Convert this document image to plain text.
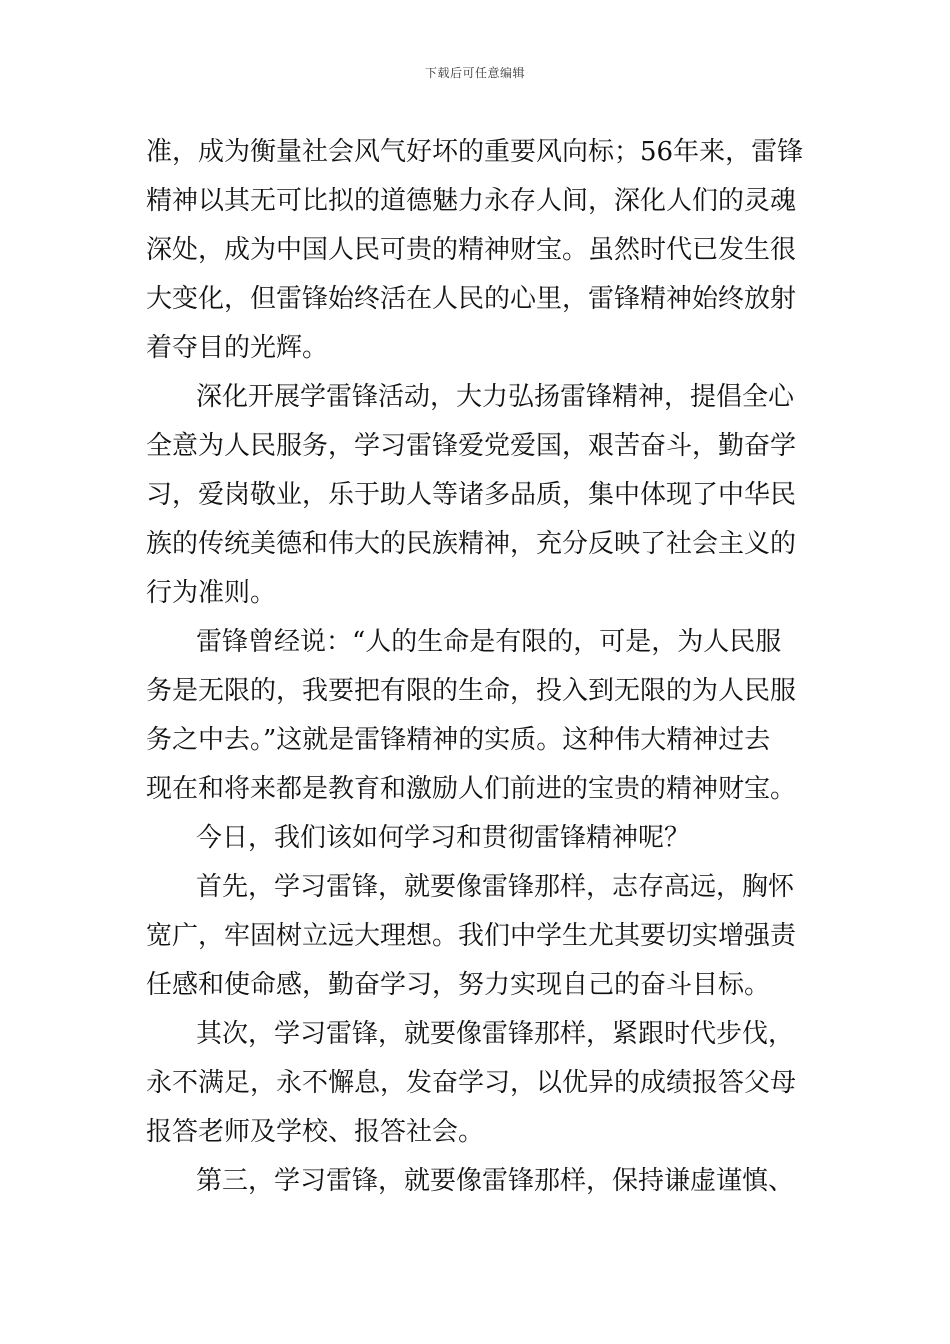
下载后可任意编辑
准，成为衡量社会风气好坏的重要风向标；56年来，雷锋
精神以其无可比拟的道德魅力永存人间，深化人们的灵魂
深处，成为中国人民可贵的精神财宝。虽然时代已发生很
大变化，但雷锋始终活在人民的心里，雷锋精神始终放射
着夺目的光辉。
深化开展学雷锋活动，大力弘扬雷锋精神，提倡全心
全意为人民服务，学习雷锋爱党爱国，艰苦奋斗，勤奋学
习，爱岗敬业，乐于助人等诸多品质，集中体现了中华民
族的传统美德和伟大的民族精神，充分反映了社会主义的
行为准则。
雷锋曾经说：“人的生命是有限的，可是，为人民服
务是无限的，我要把有限的生命，投入到无限的为人民服
务之中去。”这就是雷锋精神的实质。这种伟大精神过去
现在和将来都是教育和激励人们前进的宝贵的精神财宝。
今日，我们该如何学习和贯彻雷锋精神呢？
首先，学习雷锋，就要像雷锋那样，志存高远，胸怀
宽广，牢固树立远大理想。我们中学生尤其要切实增强责
任感和使命感，勤奋学习，努力实现自己的奋斗目标。
其次，学习雷锋，就要像雷锋那样，紧跟时代步伐，
永不满足，永不懈息，发奋学习，以优异的成绩报答父母
报答老师及学校、报答社会。
第三，学习雷锋，就要像雷锋那样，保持谦虚谨慎、
